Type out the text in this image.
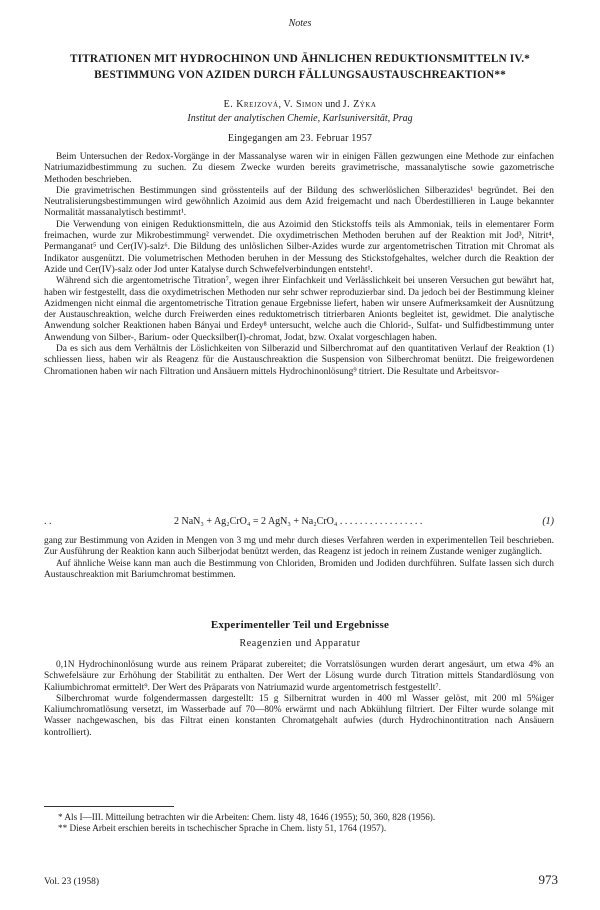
Notes
TITRATIONEN MIT HYDROCHINON UND ÄHNLICHEN REDUKTIONSMITTELN IV.*
BESTIMMUNG VON AZIDEN DURCH FÄLLUNGSAUSTAUSCHREAKTION**
E. Krejzová, V. Simon und J. Zýka
Institut der analytischen Chemie, Karlsuniversität, Prag
Eingegangen am 23. Februar 1957

Beim Untersuchen der Redox-Vorgänge in der Massanalyse waren wir in einigen Fällen gezwungen eine Methode zur einfachen Natriumazidbestimmung zu suchen. Zu diesem Zwecke wurden bereits gravimetrische, massanalytische sowie gazometrische Methoden beschrieben.

Die gravimetrischen Bestimmungen sind grösstenteils auf der Bildung des schwerlöslichen Silberazides¹ begründet. Bei den Neutralisierungsbestimmungen wird gewöhnlich Azoimid aus dem Azid freigemacht und nach Überdestillieren in Lauge bekannter Normalität massanalytisch bestimmt¹.

Die Verwendung von einigen Reduktionsmitteln, die aus Azoimid den Stickstoffs teils als Ammoniak, teils in elementarer Form freimachen, wurde zur Mikrobestimmung² verwendet. Die oxydimetrischen Methoden beruhen auf der Reaktion mit Jod³, Nitrit⁴, Permanganat⁵ und Cer(IV)-salz⁶. Die Bildung des unlöslichen Silber-Azides wurde zur argentometrischen Titration mit Chromat als Indikator ausgenützt. Die volumetrischen Methoden beruhen in der Messung des Stickstofgehaltes, welcher durch die Reaktion der Azide und Cer(IV)-salz oder Jod unter Katalyse durch Schwefelverbindungen entsteht¹.

Während sich die argentometrische Titration⁷, wegen ihrer Einfachkeit und Verlässlichkeit bei unseren Versuchen gut bewährt hat, haben wir festgestellt, dass die oxydimetrischen Methoden nur sehr schwer reproduzierbar sind. Da jedoch bei der Bestimmung kleiner Azidmengen nicht einmal die argentometrische Titration genaue Ergebnisse liefert, haben wir unsere Aufmerksamkeit der Ausnützung der Austauschreaktion, welche durch Freiwerden eines reduktometrisch titrierbaren Anionts begleitet ist, gewidmet. Die analytische Anwendung solcher Reaktionen haben Bányai und Erdey⁸ untersucht, welche auch die Chlorid-, Sulfat- und Sulfidbestimmung unter Anwendung von Silber-, Barium- oder Quecksilber(I)-chromat, Jodat, bzw. Oxalat vorgeschlagen haben.

Da es sich aus dem Verhältnis der Löslichkeiten von Silberazid und Silberchromat auf den quantitativen Verlauf der Reaktion (1) schliessen liess, haben wir als Reagenz für die Austauschreaktion die Suspension von Silberchromat benützt. Die freigewordenen Chromationen haben wir nach Filtration und Ansäuern mittels Hydrochinonlösung⁹ titriert. Die Resultate und Arbeitsvor-

. .	2 NaN₃ + Ag₂CrO₄ = 2 AgN₃ + Na₂CrO₄ . . . . . . . . . . . . . . . . .	(1)

gang zur Bestimmung von Aziden in Mengen von 3 mg und mehr durch dieses Verfahren werden in experimentellen Teil beschrieben. Zur Ausführung der Reaktion kann auch Silberjodat benützt werden, das Reagenz ist jedoch in reinem Zustande weniger zugänglich.

Auf ähnliche Weise kann man auch die Bestimmung von Chloriden, Bromiden und Jodiden durchführen. Sulfate lassen sich durch Austauschreaktion mit Bariumchromat bestimmen.

Experimenteller Teil und Ergebnisse
Reagenzien und Apparatur

0,1N Hydrochinonlösung wurde aus reinem Präparat zubereitet; die Vorratslösungen wurden derart angesäurt, um etwa 4% an Schwefelsäure zur Erhöhung der Stabilität zu enthalten. Der Wert der Lösung wurde durch Titration mittels Standardlösung von Kaliumbichromat ermittelt⁹. Der Wert des Präparats von Natriumazid wurde argentometrisch festgestellt⁷.

Silberchromat wurde folgendermassen dargestellt: 15 g Silbernitrat wurden in 400 ml Wasser gelöst, mit 200 ml 5%iger Kaliumchromatlösung versetzt, im Wasserbade auf 70—80% erwärmt und nach Abkühlung filtriert. Der Filter wurde solange mit Wasser nachgewaschen, bis das Filtrat einen konstanten Chromatgehalt aufwies (durch Hydrochinontitration nach Ansäuern kontrolliert).

* Als I—III. Mitteilung betrachten wir die Arbeiten: Chem. listy 48, 1646 (1955); 50, 360, 828 (1956).

** Diese Arbeit erschien bereits in tschechischer Sprache in Chem. listy 51, 1764 (1957).

Vol. 23 (1958)	973
